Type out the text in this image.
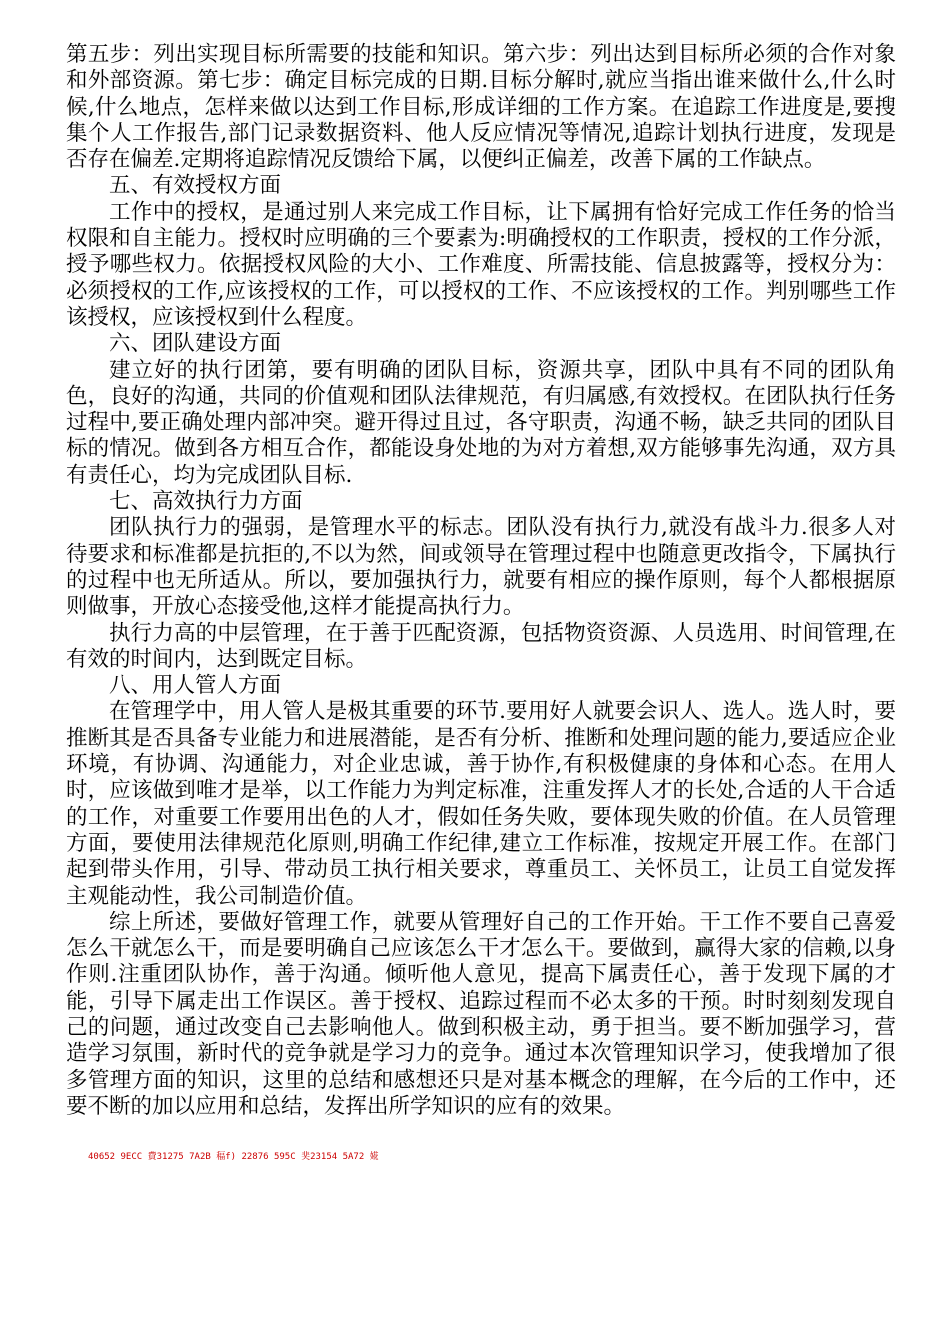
第五步：列出实现目标所需要的技能和知识。第六步：列出达到目标所必须的合作对象和外部资源。第七步：确定目标完成的日期.目标分解时,就应当指出谁来做什么,什么时候,什么地点，怎样来做以达到工作目标,形成详细的工作方案。在追踪工作进度是,要搜集个人工作报告,部门记录数据资料、他人反应情况等情况,追踪计划执行进度，发现是否存在偏差.定期将追踪情况反馈给下属，以便纠正偏差，改善下属的工作缺点。

五、有效授权方面

工作中的授权，是通过别人来完成工作目标，让下属拥有恰好完成工作任务的恰当权限和自主能力。授权时应明确的三个要素为:明确授权的工作职责，授权的工作分派，授予哪些权力。依据授权风险的大小、工作难度、所需技能、信息披露等，授权分为：必须授权的工作,应该授权的工作，可以授权的工作、不应该授权的工作。判别哪些工作该授权，应该授权到什么程度。

六、团队建设方面

建立好的执行团第，要有明确的团队目标，资源共享，团队中具有不同的团队角色，良好的沟通，共同的价值观和团队法律规范，有归属感,有效授权。在团队执行任务过程中,要正确处理内部冲突。避开得过且过，各守职责，沟通不畅，缺乏共同的团队目标的情况。做到各方相互合作，都能设身处地的为对方着想,双方能够事先沟通，双方具有责任心，均为完成团队目标.

七、高效执行力方面

团队执行力的强弱，是管理水平的标志。团队没有执行力,就没有战斗力.很多人对待要求和标准都是抗拒的,不以为然，间或领导在管理过程中也随意更改指令，下属执行的过程中也无所适从。所以，要加强执行力，就要有相应的操作原则，每个人都根据原则做事，开放心态接受他,这样才能提高执行力。

执行力高的中层管理，在于善于匹配资源，包括物资资源、人员选用、时间管理,在有效的时间内，达到既定目标。

八、用人管人方面

在管理学中，用人管人是极其重要的环节.要用好人就要会识人、选人。选人时，要推断其是否具备专业能力和进展潜能，是否有分析、推断和处理问题的能力,要适应企业环境，有协调、沟通能力，对企业忠诚，善于协作,有积极健康的身体和心态。在用人时，应该做到唯才是举，以工作能力为判定标准，注重发挥人才的长处,合适的人干合适的工作，对重要工作要用出色的人才，假如任务失败，要体现失败的价值。在人员管理方面，要使用法律规范化原则,明确工作纪律,建立工作标准，按规定开展工作。在部门起到带头作用，引导、带动员工执行相关要求，尊重员工、关怀员工，让员工自觉发挥主观能动性，我公司制造价值。

综上所述，要做好管理工作，就要从管理好自己的工作开始。干工作不要自己喜爱怎么干就怎么干，而是要明确自己应该怎么干才怎么干。要做到，赢得大家的信赖,以身作则.注重团队协作，善于沟通。倾听他人意见，提高下属责任心，善于发现下属的才能，引导下属走出工作误区。善于授权、追踪过程而不必太多的干预。时时刻刻发现自己的问题，通过改变自己去影响他人。做到积极主动，勇于担当。要不断加强学习，营造学习氛围，新时代的竞争就是学习力的竞争。通过本次管理知识学习，使我增加了很多管理方面的知识，这里的总结和感想还只是对基本概念的理解，在今后的工作中，还要不断的加以应用和总结，发挥出所学知识的应有的效果。

40652 9ECC 費31275 7A2B 稫f) 22876 595C 奜23154 5A72 婲
